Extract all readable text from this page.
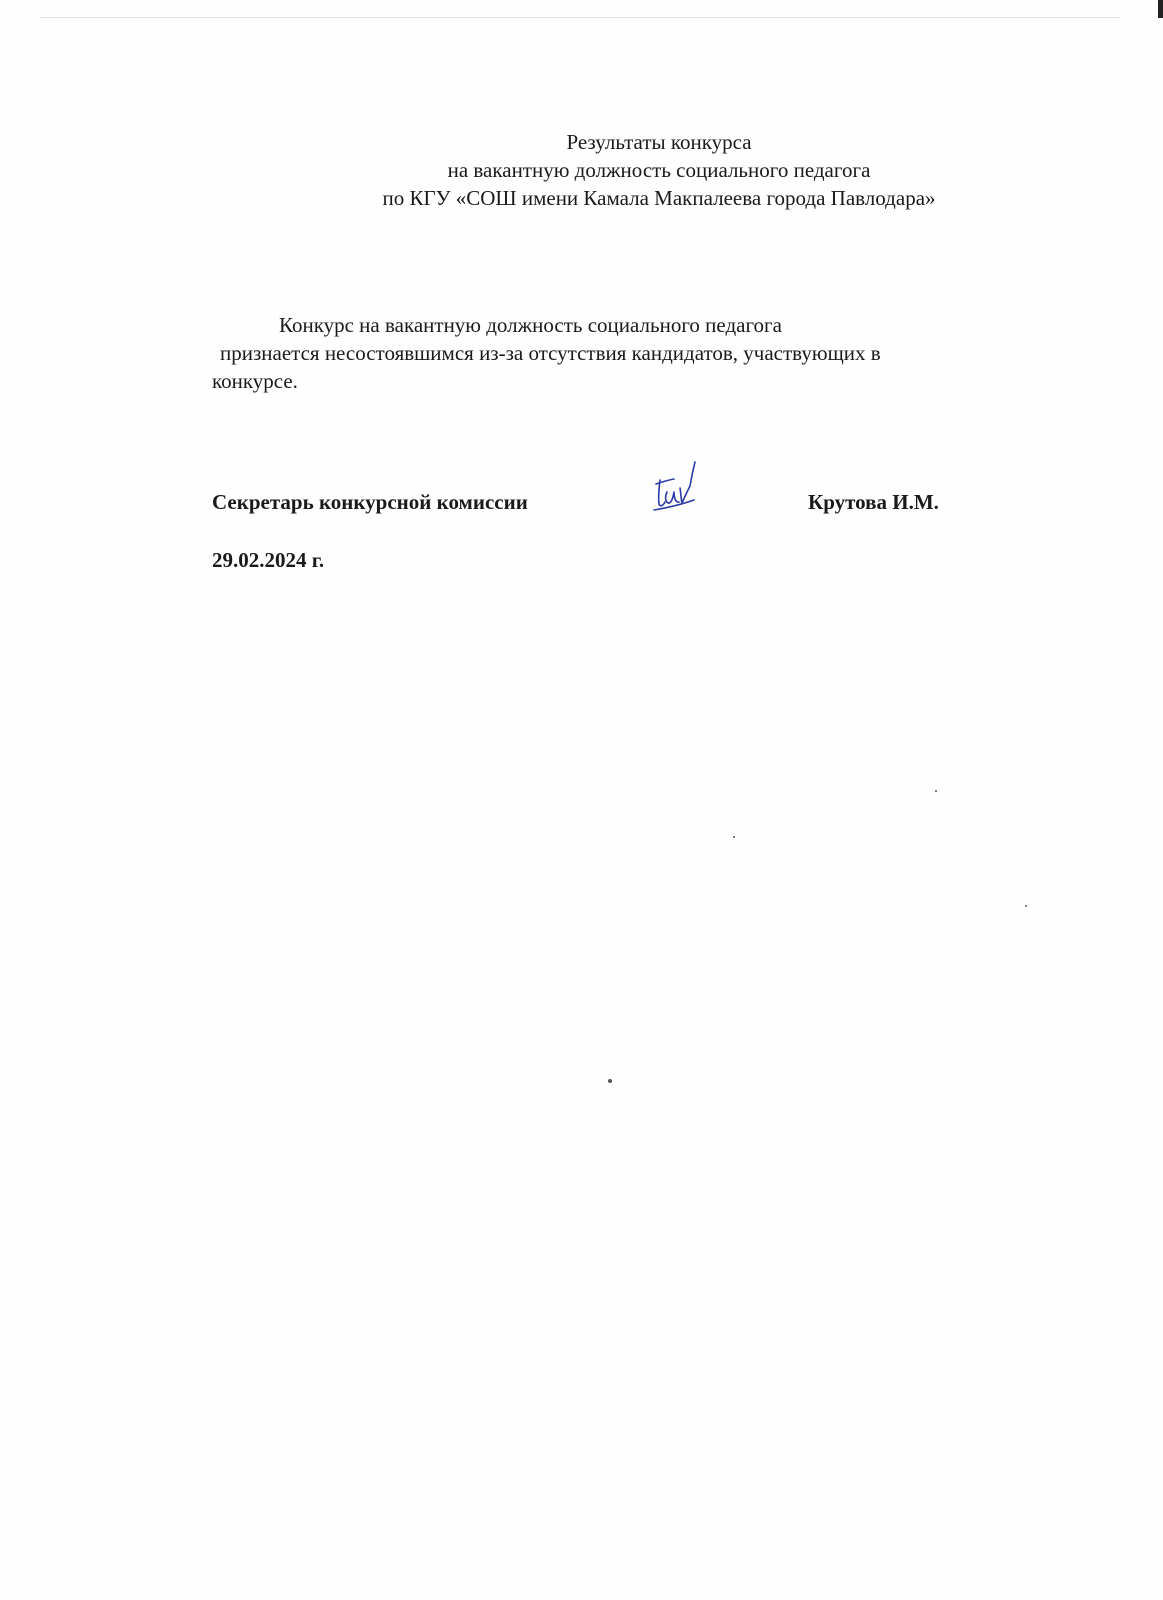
Результаты конкурса
на вакантную должность социального педагога
по КГУ «СОШ имени Камала Макпалеева города Павлодара»
Конкурс на вакантную должность социального педагога
признается несостоявшимся из-за отсутствия кандидатов, участвующих в
конкурсе.
Секретарь конкурсной комиссии	Крутова И.М.
29.02.2024 г.
